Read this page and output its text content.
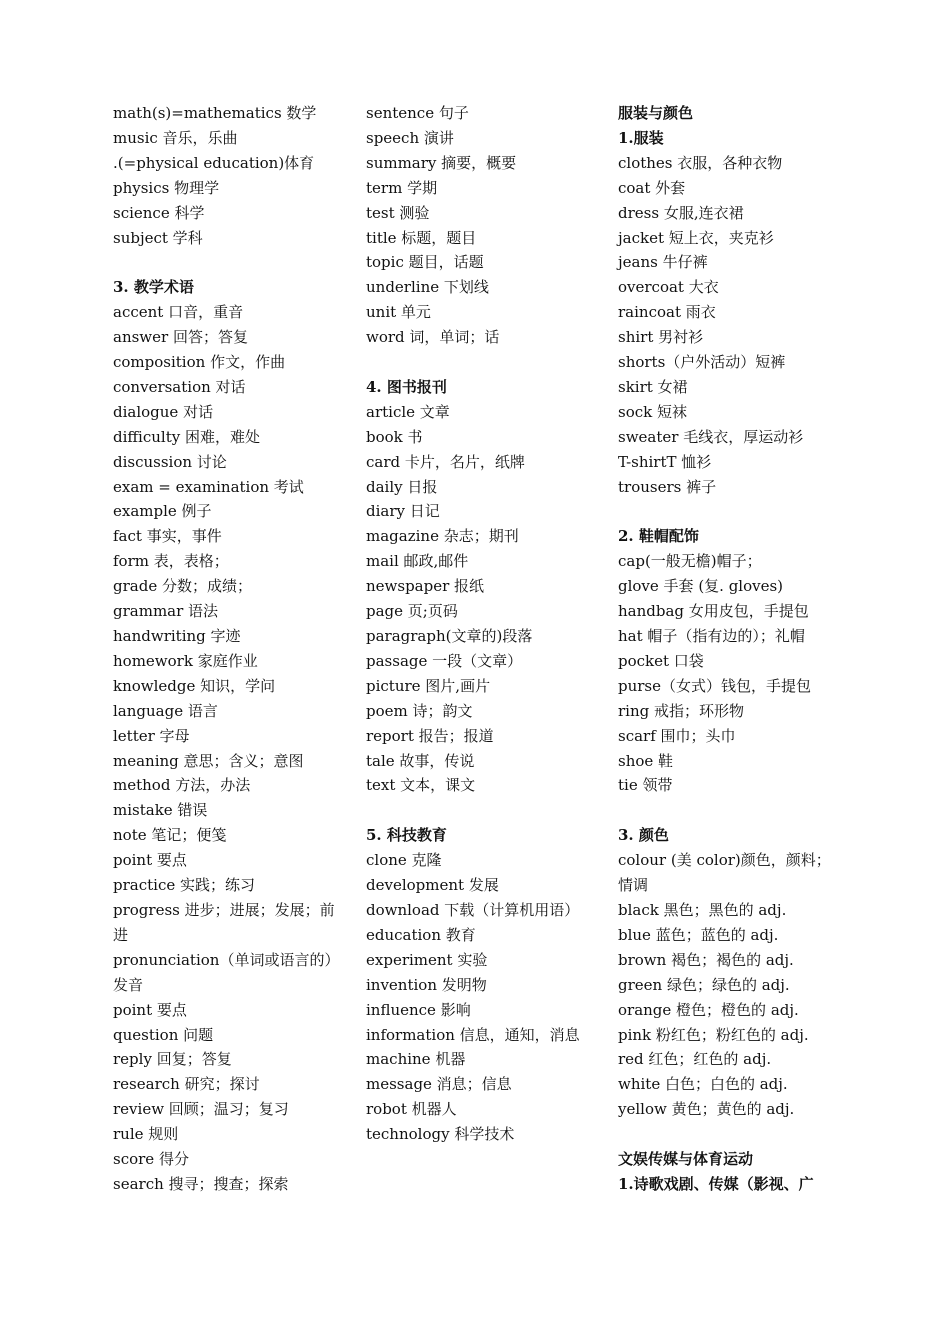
math(s)=mathematics 数学
music 音乐，乐曲
.(=physical education)体育
physics 物理学
science 科学
subject 学科
3. 教学术语
accent 口音，重音
answer 回答；答复
composition 作文，作曲
conversation 对话
dialogue 对话
difficulty 困难，难处
discussion 讨论
exam = examination 考试
example 例子
fact 事实，事件
form 表，表格；
grade 分数；成绩；
grammar 语法
handwriting 字迹
homework 家庭作业
knowledge 知识，学问
language 语言
letter 字母
meaning 意思；含义；意图
method 方法，办法
mistake 错误
note 笔记；便笺
point 要点
practice 实践；练习
progress 进步；进展；发展；前进
pronunciation（单词或语言的）发音
point 要点
question 问题
reply 回复；答复
research 研究；探讨
review 回顾；温习；复习
rule 规则
score 得分
search 搜寻；搜查；探索
sentence 句子
speech 演讲
summary 摘要，概要
term 学期
test 测验
title 标题，题目
topic 题目，话题
underline 下划线
unit 单元
word 词，单词；话
4. 图书报刊
article 文章
book 书
card 卡片，名片，纸牌
daily 日报
diary 日记
magazine 杂志；期刊
mail 邮政,邮件
newspaper 报纸
page 页;页码
paragraph(文章的)段落
passage 一段（文章）
picture 图片,画片
poem 诗；韵文
report 报告；报道
tale 故事，传说
text 文本，课文
5. 科技教育
clone 克隆
development 发展
download 下载（计算机用语）
education 教育
experiment 实验
invention 发明物
influence 影响
information 信息，通知，消息
machine 机器
message 消息；信息
robot 机器人
technology 科学技术
服装与颜色
1.服装
clothes 衣服，各种衣物
coat 外套
dress 女服,连衣裙
jacket 短上衣，夹克衫
jeans 牛仔裤
overcoat 大衣
raincoat 雨衣
shirt 男衬衫
shorts（户外活动）短裤
skirt 女裙
sock 短袜
sweater 毛线衣，厚运动衫
T-shirtT 恤衫
trousers 裤子
2. 鞋帽配饰
cap(一般无檐)帽子；
glove 手套 (复. gloves)
handbag 女用皮包，手提包
hat 帽子（指有边的）；礼帽
pocket 口袋
purse（女式）钱包，手提包
ring 戒指；环形物
scarf 围巾；头巾
shoe 鞋
tie 领带
3. 颜色
colour (美 color)颜色，颜料；情调
black 黑色；黑色的 adj.
blue 蓝色；蓝色的 adj.
brown 褐色；褐色的 adj.
green 绿色；绿色的 adj.
orange 橙色；橙色的 adj.
pink 粉红色；粉红色的 adj.
red 红色；红色的 adj.
white 白色；白色的 adj.
yellow 黄色；黄色的 adj.
文娱传媒与体育运动
1.诗歌戏剧、传媒（影视、广
